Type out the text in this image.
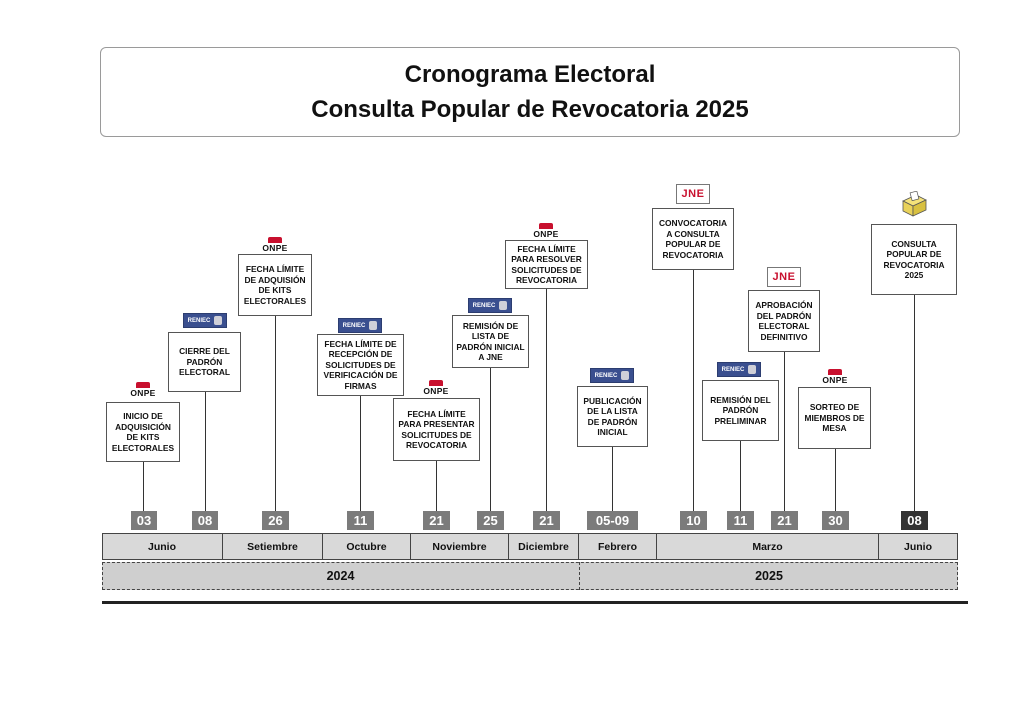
Cronograma Electoral
Consulta Popular de Revocatoria 2025
ONPE
RENIEC
ONPE
RENIEC
ONPE
RENIEC
ONPE
RENIEC
JNE
RENIEC
JNE
ONPE
INICIO DE ADQUISICIÓN DE KITS ELECTORALES
CIERRE DEL PADRÓN ELECTORAL
FECHA LÍMITE DE ADQUISIÓN DE KITS ELECTORALES
FECHA LÍMITE DE RECEPCIÓN DE SOLICITUDES DE VERIFICACIÓN DE FIRMAS
FECHA LÍMITE PARA PRESENTAR SOLICITUDES DE REVOCATORIA
REMISIÓN DE LISTA DE PADRÓN INICIAL A JNE
FECHA LÍMITE PARA RESOLVER SOLICITUDES DE REVOCATORIA
PUBLICACIÓN DE LA LISTA DE PADRÓN INICIAL
CONVOCATORIA A CONSULTA POPULAR DE REVOCATORIA
REMISIÓN DEL PADRÓN PRELIMINAR
APROBACIÓN DEL PADRÓN ELECTORAL DEFINITIVO
SORTEO DE MIEMBROS DE MESA
CONSULTA POPULAR DE REVOCATORIA 2025
03	08	26	11	21	25	21	05-09	10	11	21	30	08
Junio	Setiembre	Octubre	Noviembre	Diciembre	Febrero	Marzo	Junio
2024	2025
